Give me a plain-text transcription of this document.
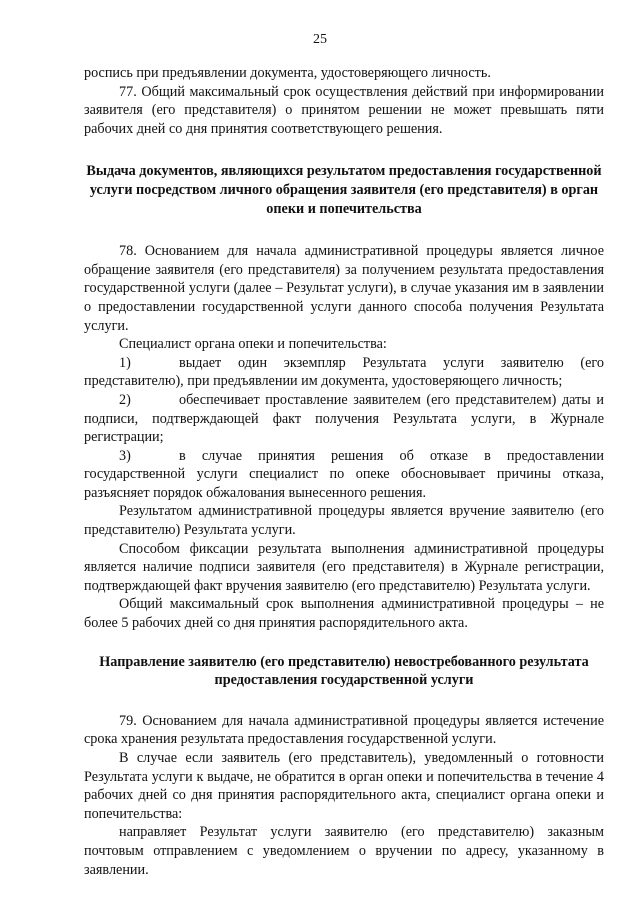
25

роспись при предъявлении документа, удостоверяющего личность.

77. Общий максимальный срок осуществления действий при информировании заявителя (его представителя) о принятом решении не может превышать пяти рабочих дней со дня принятия соответствующего решения.

Выдача документов, являющихся результатом предоставления государственной услуги посредством личного обращения заявителя (его представителя) в орган опеки и попечительства

78. Основанием для начала административной процедуры является личное обращение заявителя (его представителя) за получением результата предоставления государственной услуги (далее – Результат услуги), в случае указания им в заявлении о предоставлении государственной услуги данного способа получения Результата услуги.

Специалист органа опеки и попечительства:

1)	выдает один экземпляр Результата услуги заявителю (его представителю), при предъявлении им документа, удостоверяющего личность;

2)	обеспечивает проставление заявителем (его представителем) даты и подписи, подтверждающей факт получения Результата услуги, в Журнале регистрации;

3)	в случае принятия решения об отказе в предоставлении государственной услуги специалист по опеке обосновывает причины отказа, разъясняет порядок обжалования вынесенного решения.

Результатом административной процедуры является вручение заявителю (его представителю) Результата услуги.

Способом фиксации результата выполнения административной процедуры является наличие подписи заявителя (его представителя) в Журнале регистрации, подтверждающей факт вручения заявителю (его представителю) Результата услуги.

Общий максимальный срок выполнения административной процедуры – не более 5 рабочих дней со дня принятия распорядительного акта.

Направление заявителю (его представителю) невостребованного результата предоставления государственной услуги

79. Основанием для начала административной процедуры является истечение срока хранения результата предоставления государственной услуги.

В случае если заявитель (его представитель), уведомленный о готовности Результата услуги к выдаче, не обратится в орган опеки и попечительства в течение 4 рабочих дней со дня принятия распорядительного акта, специалист органа опеки и попечительства:

направляет Результат услуги заявителю (его представителю) заказным почтовым отправлением с уведомлением о вручении по адресу, указанному в заявлении.
